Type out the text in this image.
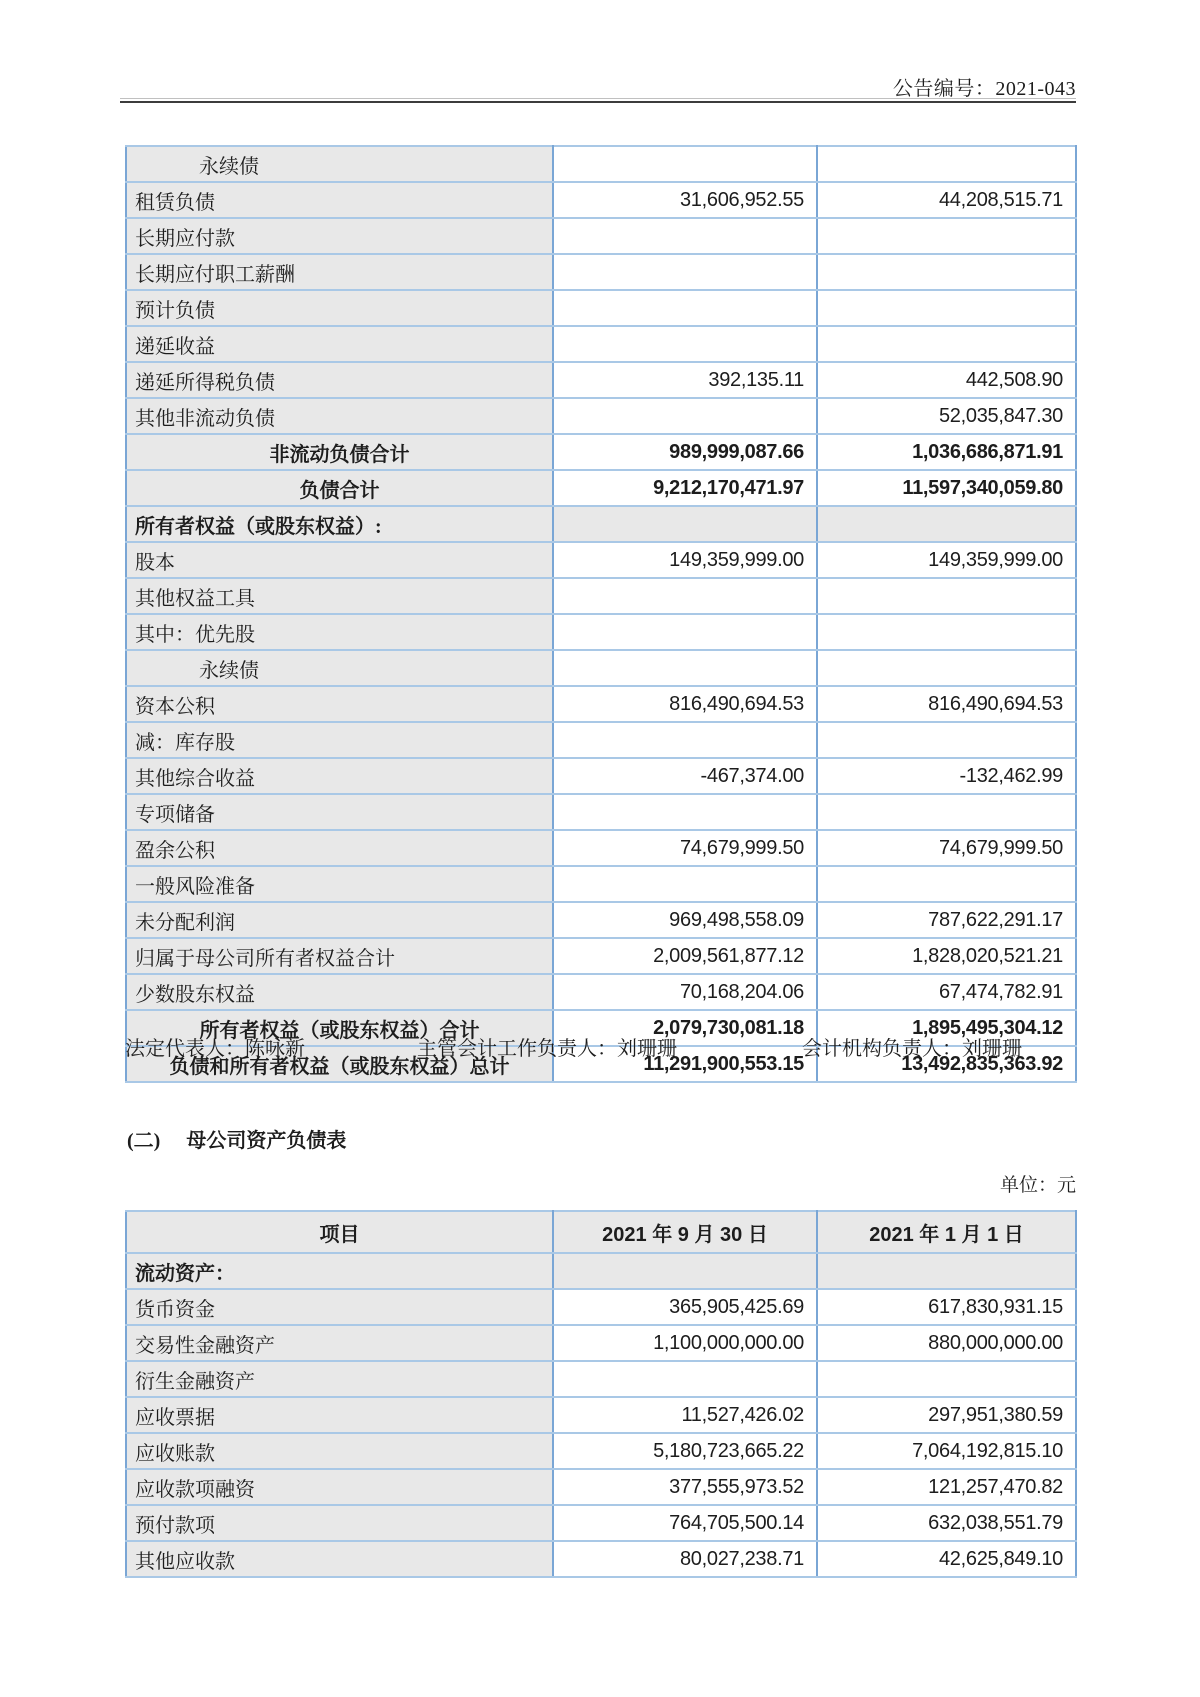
公告编号：2021-043
永续债		
租赁负债	31,606,952.55	44,208,515.71
长期应付款		
长期应付职工薪酬		
预计负债		
递延收益		
递延所得税负债	392,135.11	442,508.90
其他非流动负债		52,035,847.30
非流动负债合计	989,999,087.66	1,036,686,871.91
负债合计	9,212,170,471.97	11,597,340,059.80
所有者权益（或股东权益）:		
股本	149,359,999.00	149,359,999.00
其他权益工具		
其中：优先股		
永续债		
资本公积	816,490,694.53	816,490,694.53
减：库存股		
其他综合收益	-467,374.00	-132,462.99
专项储备		
盈余公积	74,679,999.50	74,679,999.50
一般风险准备		
未分配利润	969,498,558.09	787,622,291.17
归属于母公司所有者权益合计	2,009,561,877.12	1,828,020,521.21
少数股东权益	70,168,204.06	67,474,782.91
所有者权益（或股东权益）合计	2,079,730,081.18	1,895,495,304.12
负债和所有者权益（或股东权益）总计	11,291,900,553.15	13,492,835,363.92
法定代表人：陈咏新	主管会计工作负责人：刘珊珊	会计机构负责人：刘珊珊
(二) 母公司资产负债表
单位：元
项目	2021 年 9 月 30 日	2021 年 1 月 1 日
流动资产：		
货币资金	365,905,425.69	617,830,931.15
交易性金融资产	1,100,000,000.00	880,000,000.00
衍生金融资产		
应收票据	11,527,426.02	297,951,380.59
应收账款	5,180,723,665.22	7,064,192,815.10
应收款项融资	377,555,973.52	121,257,470.82
预付款项	764,705,500.14	632,038,551.79
其他应收款	80,027,238.71	42,625,849.10
